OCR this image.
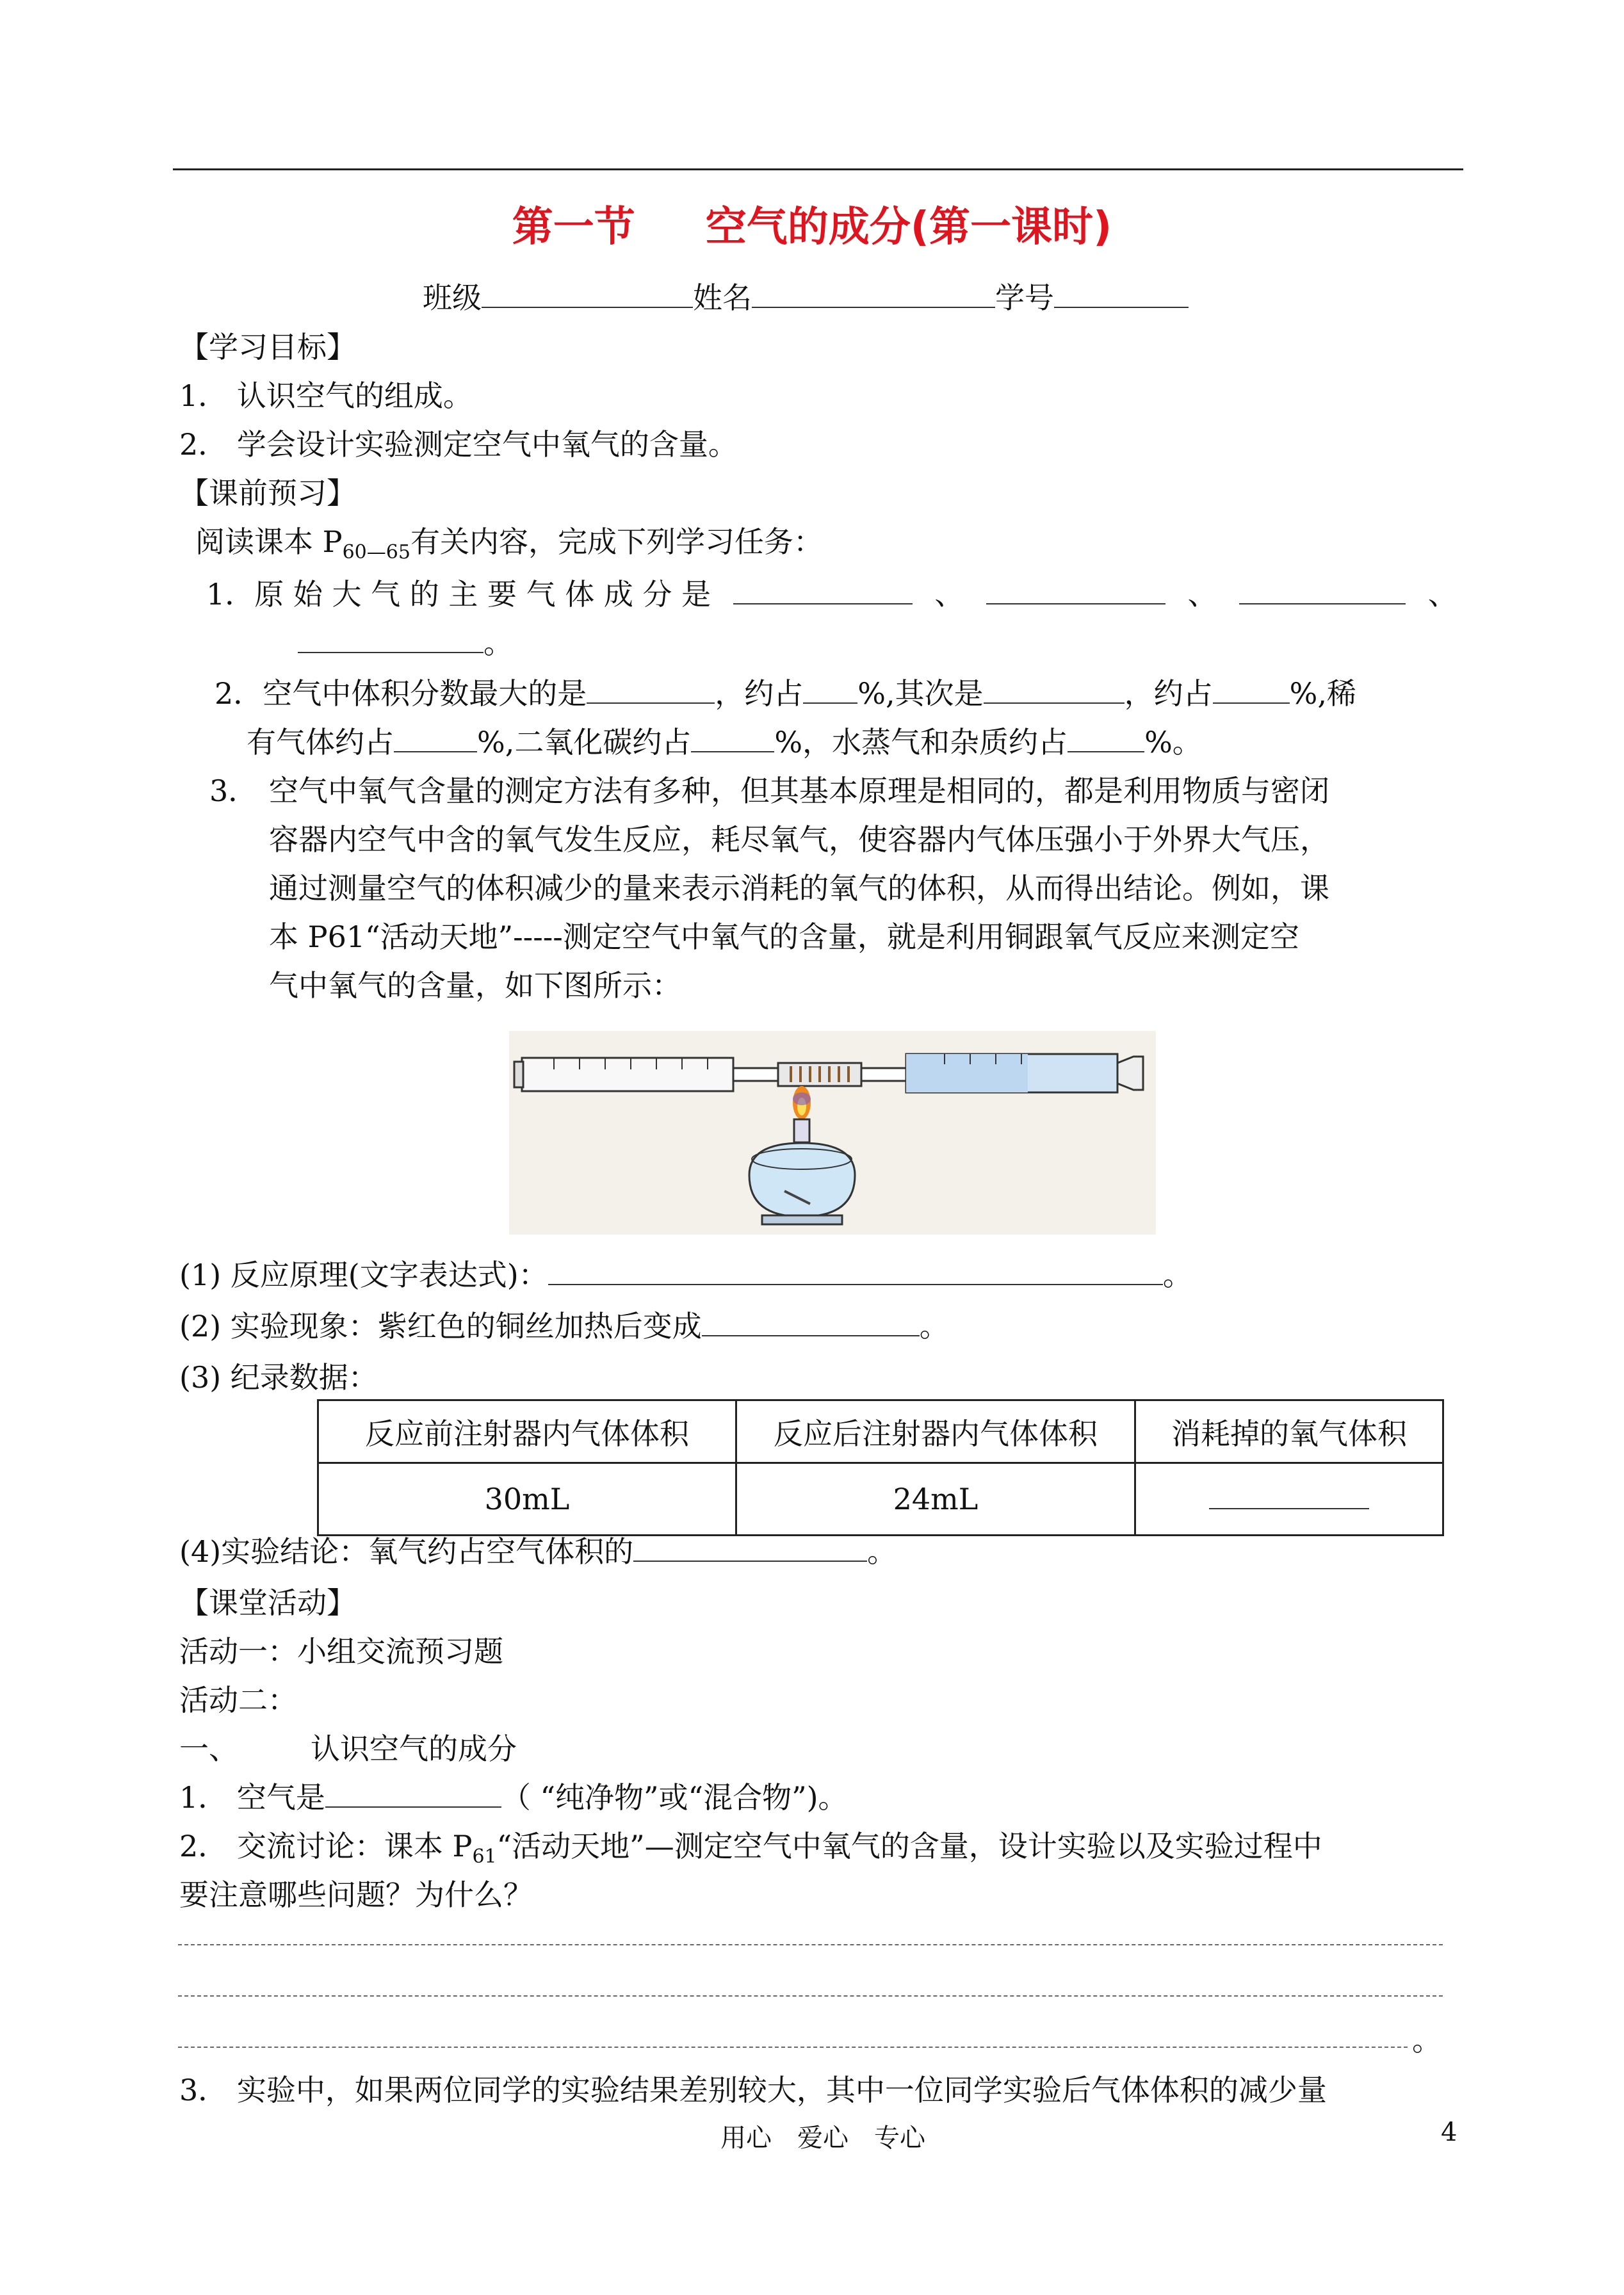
第一节 空气的成分(第一课时)
班级	姓名	学号
【学习目标】
1． 认识空气的组成。
2． 学会设计实验测定空气中氧气的含量。
【课前预习】
阅读课本 $P_{60—65}$有关内容，完成下列学习任务：
1．原 始 大 气 的 主 要 气 体 成 分 是	、	、	、
。
2．空气中体积分数最大的是	，约占 %,其次是	，约占	%,稀
有气体约占	%,二氧化碳约占	%，水蒸气和杂质约占	%。
3． 空气中氧气含量的测定方法有多种，但其基本原理是相同的，都是利用物质与密闭
容器内空气中含的氧气发生反应，耗尽氧气，使容器内气体压强小于外界大气压，
通过测量空气的体积减少的量来表示消耗的氧气的体积，从而得出结论。例如，课
本 P61“活动天地”-----测定空气中氧气的含量，就是利用铜跟氧气反应来测定空
气中氧气的含量，如下图所示：
(1) 反应原理(文字表达式)：	。
(2) 实验现象：紫红色的铜丝加热后变成	。
(3) 纪录数据：
反应前注射器内气体体积	反应后注射器内气体体积	消耗掉的氧气体积
30mL	24mL	
(4)实验结论：氧气约占空气体积的	。
【课堂活动】
活动一：小组交流预习题
活动二：
一、 认识空气的成分
1． 空气是	（ “纯净物”或“混合物”)。
2． 交流讨论：课本 $P_{61}“$活动天地”—测定空气中氧气的含量，设计实验以及实验过程中
要注意哪些问题？为什么？
。
3． 实验中，如果两位同学的实验结果差别较大，其中一位同学实验后气体体积的减少量
用心　爱心　专心	4
